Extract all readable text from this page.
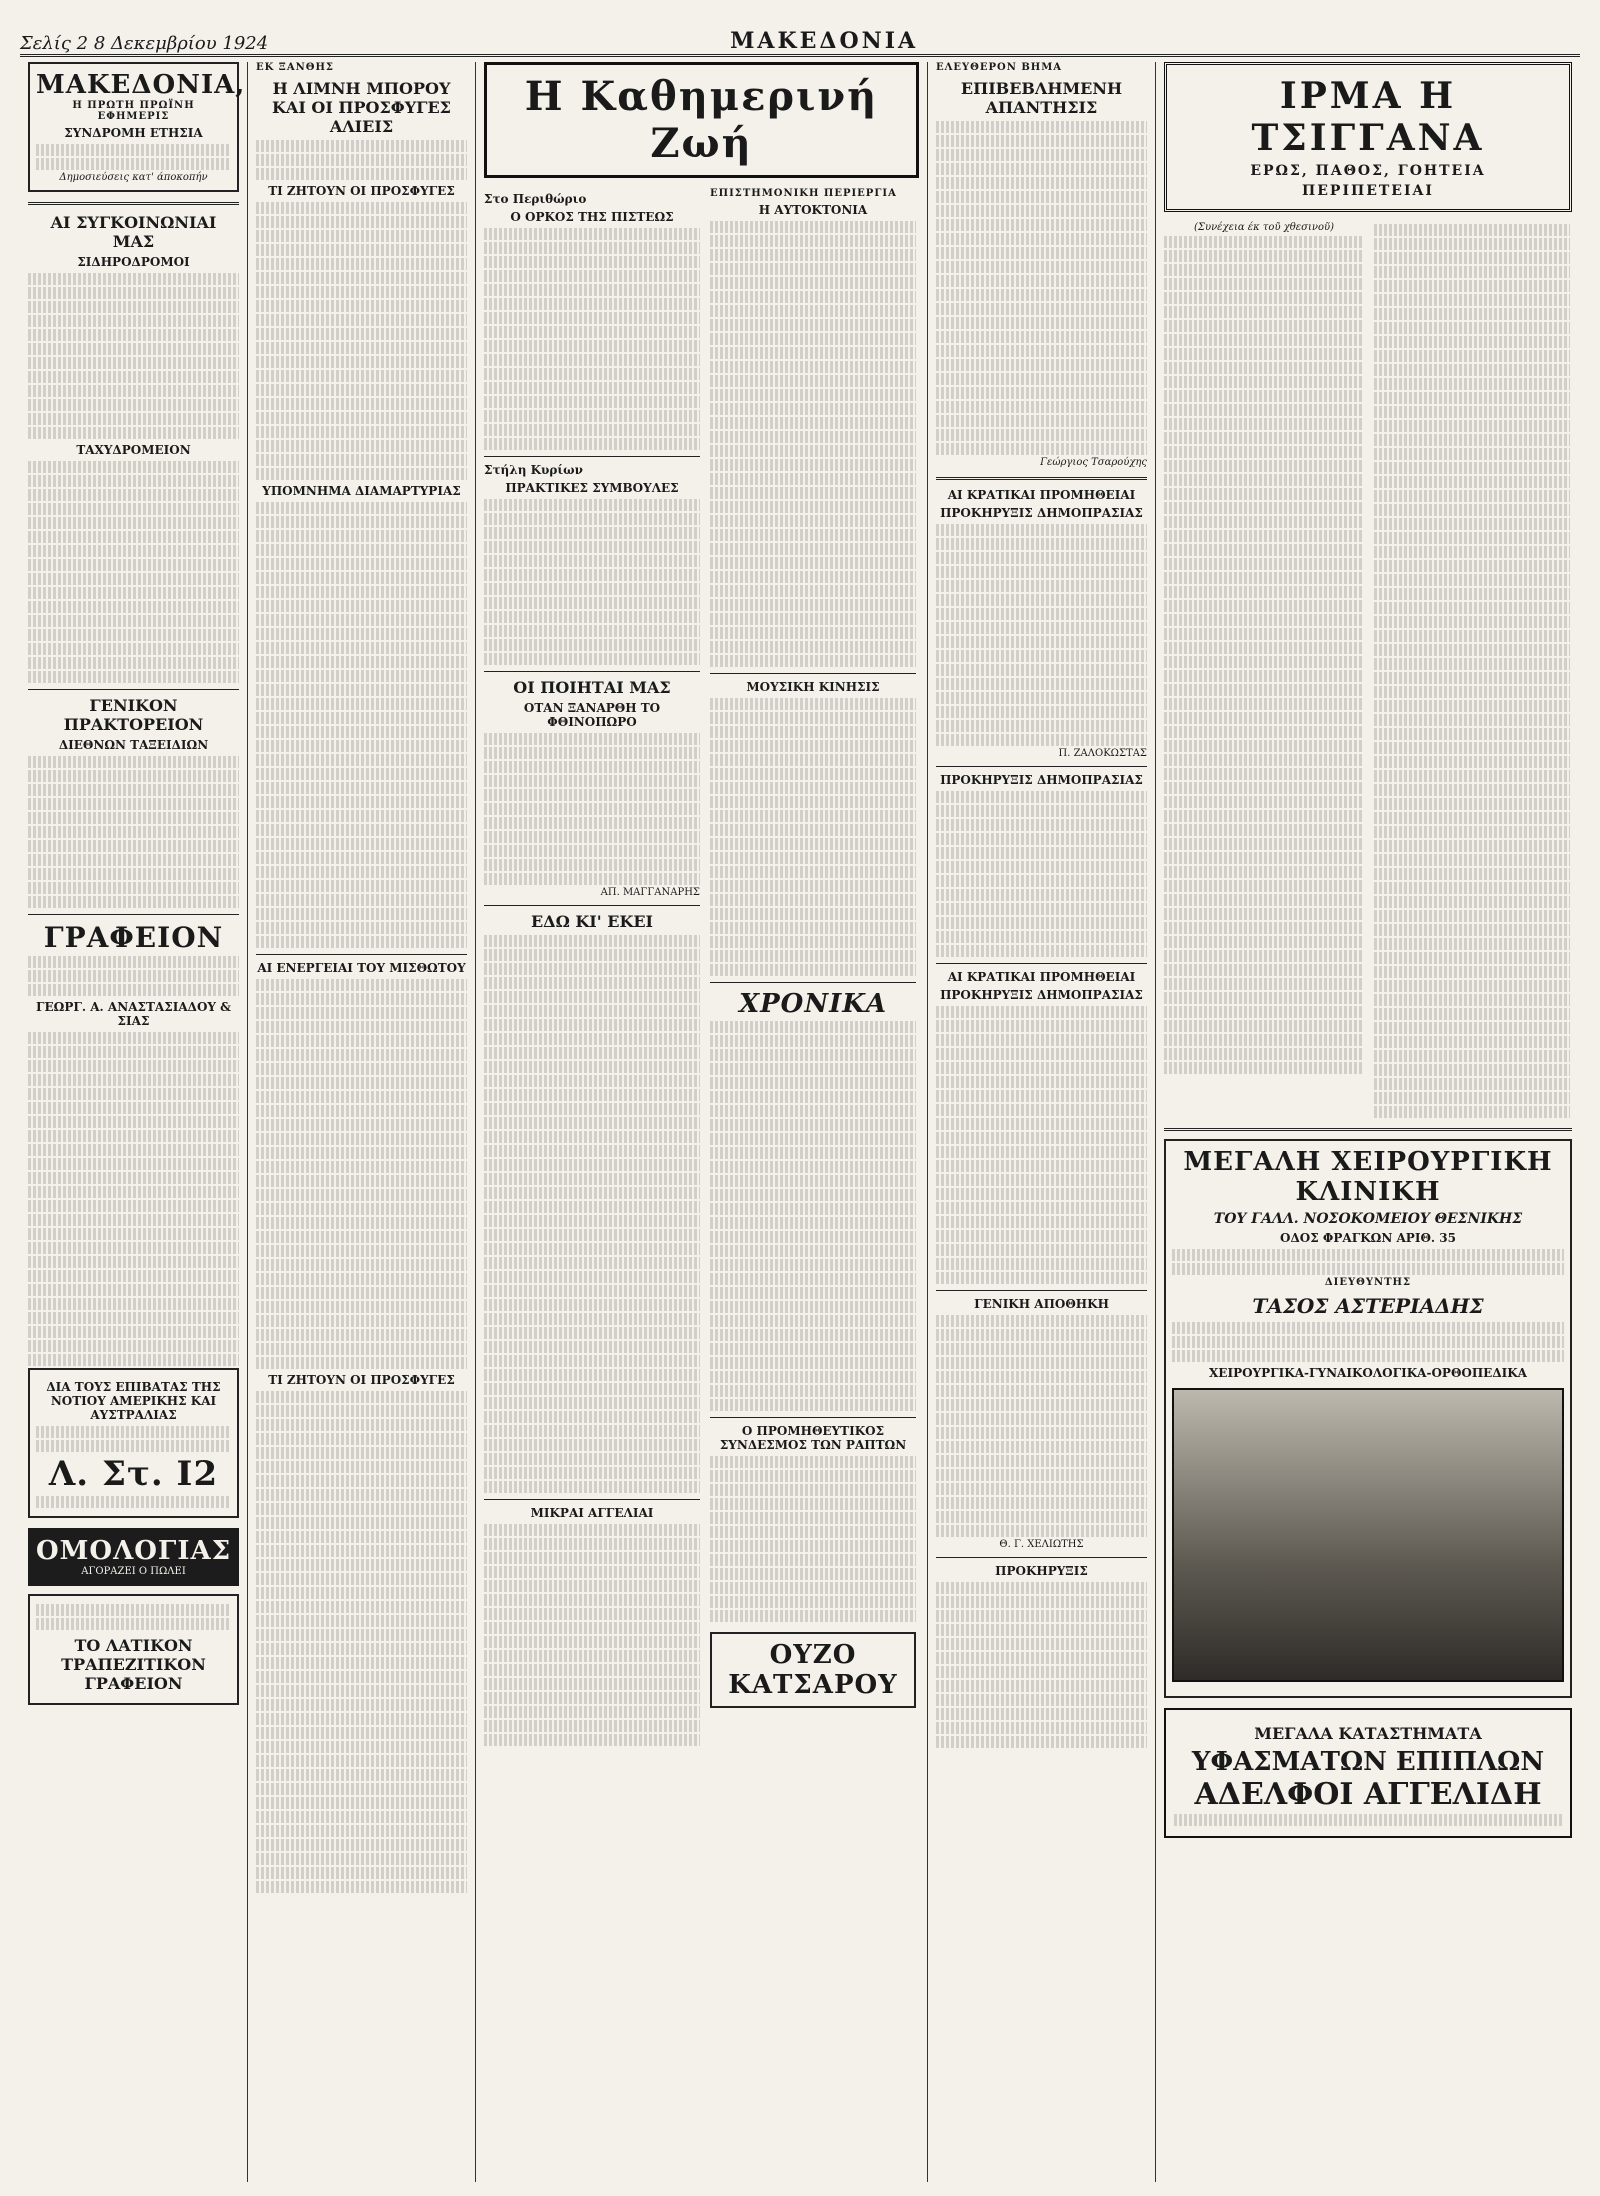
Σελίς 2 8 Δεκεμβρίου 1924	ΜΑΚΕΔΟΝΙΑ
ΜΑΚΕΔΟΝΙΑ,
Η ΠΡΩΤΗ ΠΡΩΪΝΗ ΕΦΗΜΕΡΙΣ
ΣΥΝΔΡΟΜΗ ΕΤΗΣΙΑ
Δημοσιεύσεις κατ' άποκοπήν
ΑΙ ΣΥΓΚΟΙΝΩΝΙΑΙ ΜΑΣ
ΣΙΔΗΡΟΔΡΟΜΟΙ
ΤΑΧΥΔΡΟΜΕΙΟΝ
ΓΕΝΙΚΟΝ ΠΡΑΚΤΟΡΕΙΟΝ
ΔΙΕΘΝΩΝ ΤΑΞΕΙΔΙΩΝ
ΓΡΑΦΕΙΟΝ
ΓΕΩΡΓ. Α. ΑΝΑΣΤΑΣΙΑΔΟΥ & ΣΙΑΣ
ΔΙΑ ΤΟΥΣ ΕΠΙΒΑΤΑΣ ΤΗΣ ΝΟΤΙΟΥ ΑΜΕΡΙΚΗΣ ΚΑΙ ΑΥΣΤΡΑΛΙΑΣ
Λ. Στ. Ι2
ΟΜΟΛΟΓΙΑΣ
ΑΓΟΡΑΖΕΙ Ο ΠΩΛΕΙ
ΤΟ ΛΑΤΙΚΟΝ ΤΡΑΠΕΖΙΤΙΚΟΝ ΓΡΑΦΕΙΟΝ
ΕΚ ΞΑΝΘΗΣ
Η ΛΙΜΝΗ ΜΠΟΡΟΥ ΚΑΙ ΟΙ ΠΡΟΣΦΥΓΕΣ ΑΛΙΕΙΣ
ΤΙ ΖΗΤΟΥΝ ΟΙ ΠΡΟΣΦΥΓΕΣ
ΥΠΟΜΝΗΜΑ ΔΙΑΜΑΡΤΥΡΙΑΣ
ΑΙ ΕΝΕΡΓΕΙΑΙ ΤΟΥ ΜΙΣΘΩΤΟΥ
ΤΙ ΖΗΤΟΥΝ ΟΙ ΠΡΟΣΦΥΓΕΣ
Η Καθημερινή Ζωή
Στο Περιθώριο
Ο ΟΡΚΟΣ ΤΗΣ ΠΙΣΤΕΩΣ
Στήλη Κυρίων
ΠΡΑΚΤΙΚΕΣ ΣΥΜΒΟΥΛΕΣ
ΟΙ ΠΟΙΗΤΑΙ ΜΑΣ
ΟΤΑΝ ΞΑΝΑΡΘΗ ΤΟ ΦΘΙΝΟΠΩΡΟ
ΑΠ. ΜΑΓΓΑΝΑΡΗΣ
ΕΔΩ ΚΙ' ΕΚΕΙ
ΜΙΚΡΑΙ ΑΓΓΕΛΙΑΙ
ΕΠΙΣΤΗΜΟΝΙΚΗ ΠΕΡΙΕΡΓΙΑ
Η ΑΥΤΟΚΤΟΝΙΑ
ΜΟΥΣΙΚΗ ΚΙΝΗΣΙΣ
ΧΡΟΝΙΚΑ
Ο ΠΡΟΜΗΘΕΥΤΙΚΟΣ ΣΥΝΔΕΣΜΟΣ ΤΩΝ ΡΑΠΤΩΝ
ΟΥΖΟ ΚΑΤΣΑΡΟΥ
ΕΛΕΥΘΕΡΟΝ ΒΗΜΑ
ΕΠΙΒΕΒΛΗΜΕΝΗ ΑΠΑΝΤΗΣΙΣ
Γεώργιος Τσαρούχης
ΑΙ ΚΡΑΤΙΚΑΙ ΠΡΟΜΗΘΕΙΑΙ
ΠΡΟΚΗΡΥΞΙΣ ΔΗΜΟΠΡΑΣΙΑΣ
Π. ΖΑΛΟΚΩΣΤΑΣ
ΠΡΟΚΗΡΥΞΙΣ ΔΗΜΟΠΡΑΣΙΑΣ
ΑΙ ΚΡΑΤΙΚΑΙ ΠΡΟΜΗΘΕΙΑΙ
ΠΡΟΚΗΡΥΞΙΣ ΔΗΜΟΠΡΑΣΙΑΣ
ΓΕΝΙΚΗ ΑΠΟΘΗΚΗ
Θ. Γ. ΧΕΛΙΩΤΗΣ
ΠΡΟΚΗΡΥΞΙΣ
ΙΡΜΑ Η ΤΣΙΓΓΑΝΑ
ΕΡΩΣ, ΠΑΘΟΣ, ΓΟΗΤΕΙΑ
ΠΕΡΙΠΕΤΕΙΑΙ
(Συνέχεια έκ τοῦ χθεσινοῦ)
ΜΕΓΑΛΗ ΧΕΙΡΟΥΡΓΙΚΗ ΚΛΙΝΙΚΗ
ΤΟΥ ΓΑΛΛ. ΝΟΣΟΚΟΜΕΙΟΥ ΘΕΣΝΙΚΗΣ
ΟΔΟΣ ΦΡΑΓΚΩΝ ΑΡΙΘ. 35
ΔΙΕΥΘΥΝΤΗΣ
ΤΑΣΟΣ ΑΣΤΕΡΙΑΔΗΣ
ΧΕΙΡΟΥΡΓΙΚΑ-ΓΥΝΑΙΚΟΛΟΓΙΚΑ-ΟΡΘΟΠΕΔΙΚΑ
ΜΕΓΑΛΑ ΚΑΤΑΣΤΗΜΑΤΑ
ΥΦΑΣΜΑΤΩΝ ΕΠΙΠΛΩΝ
ΑΔΕΛΦΟΙ ΑΓΓΕΛΙΔΗ
